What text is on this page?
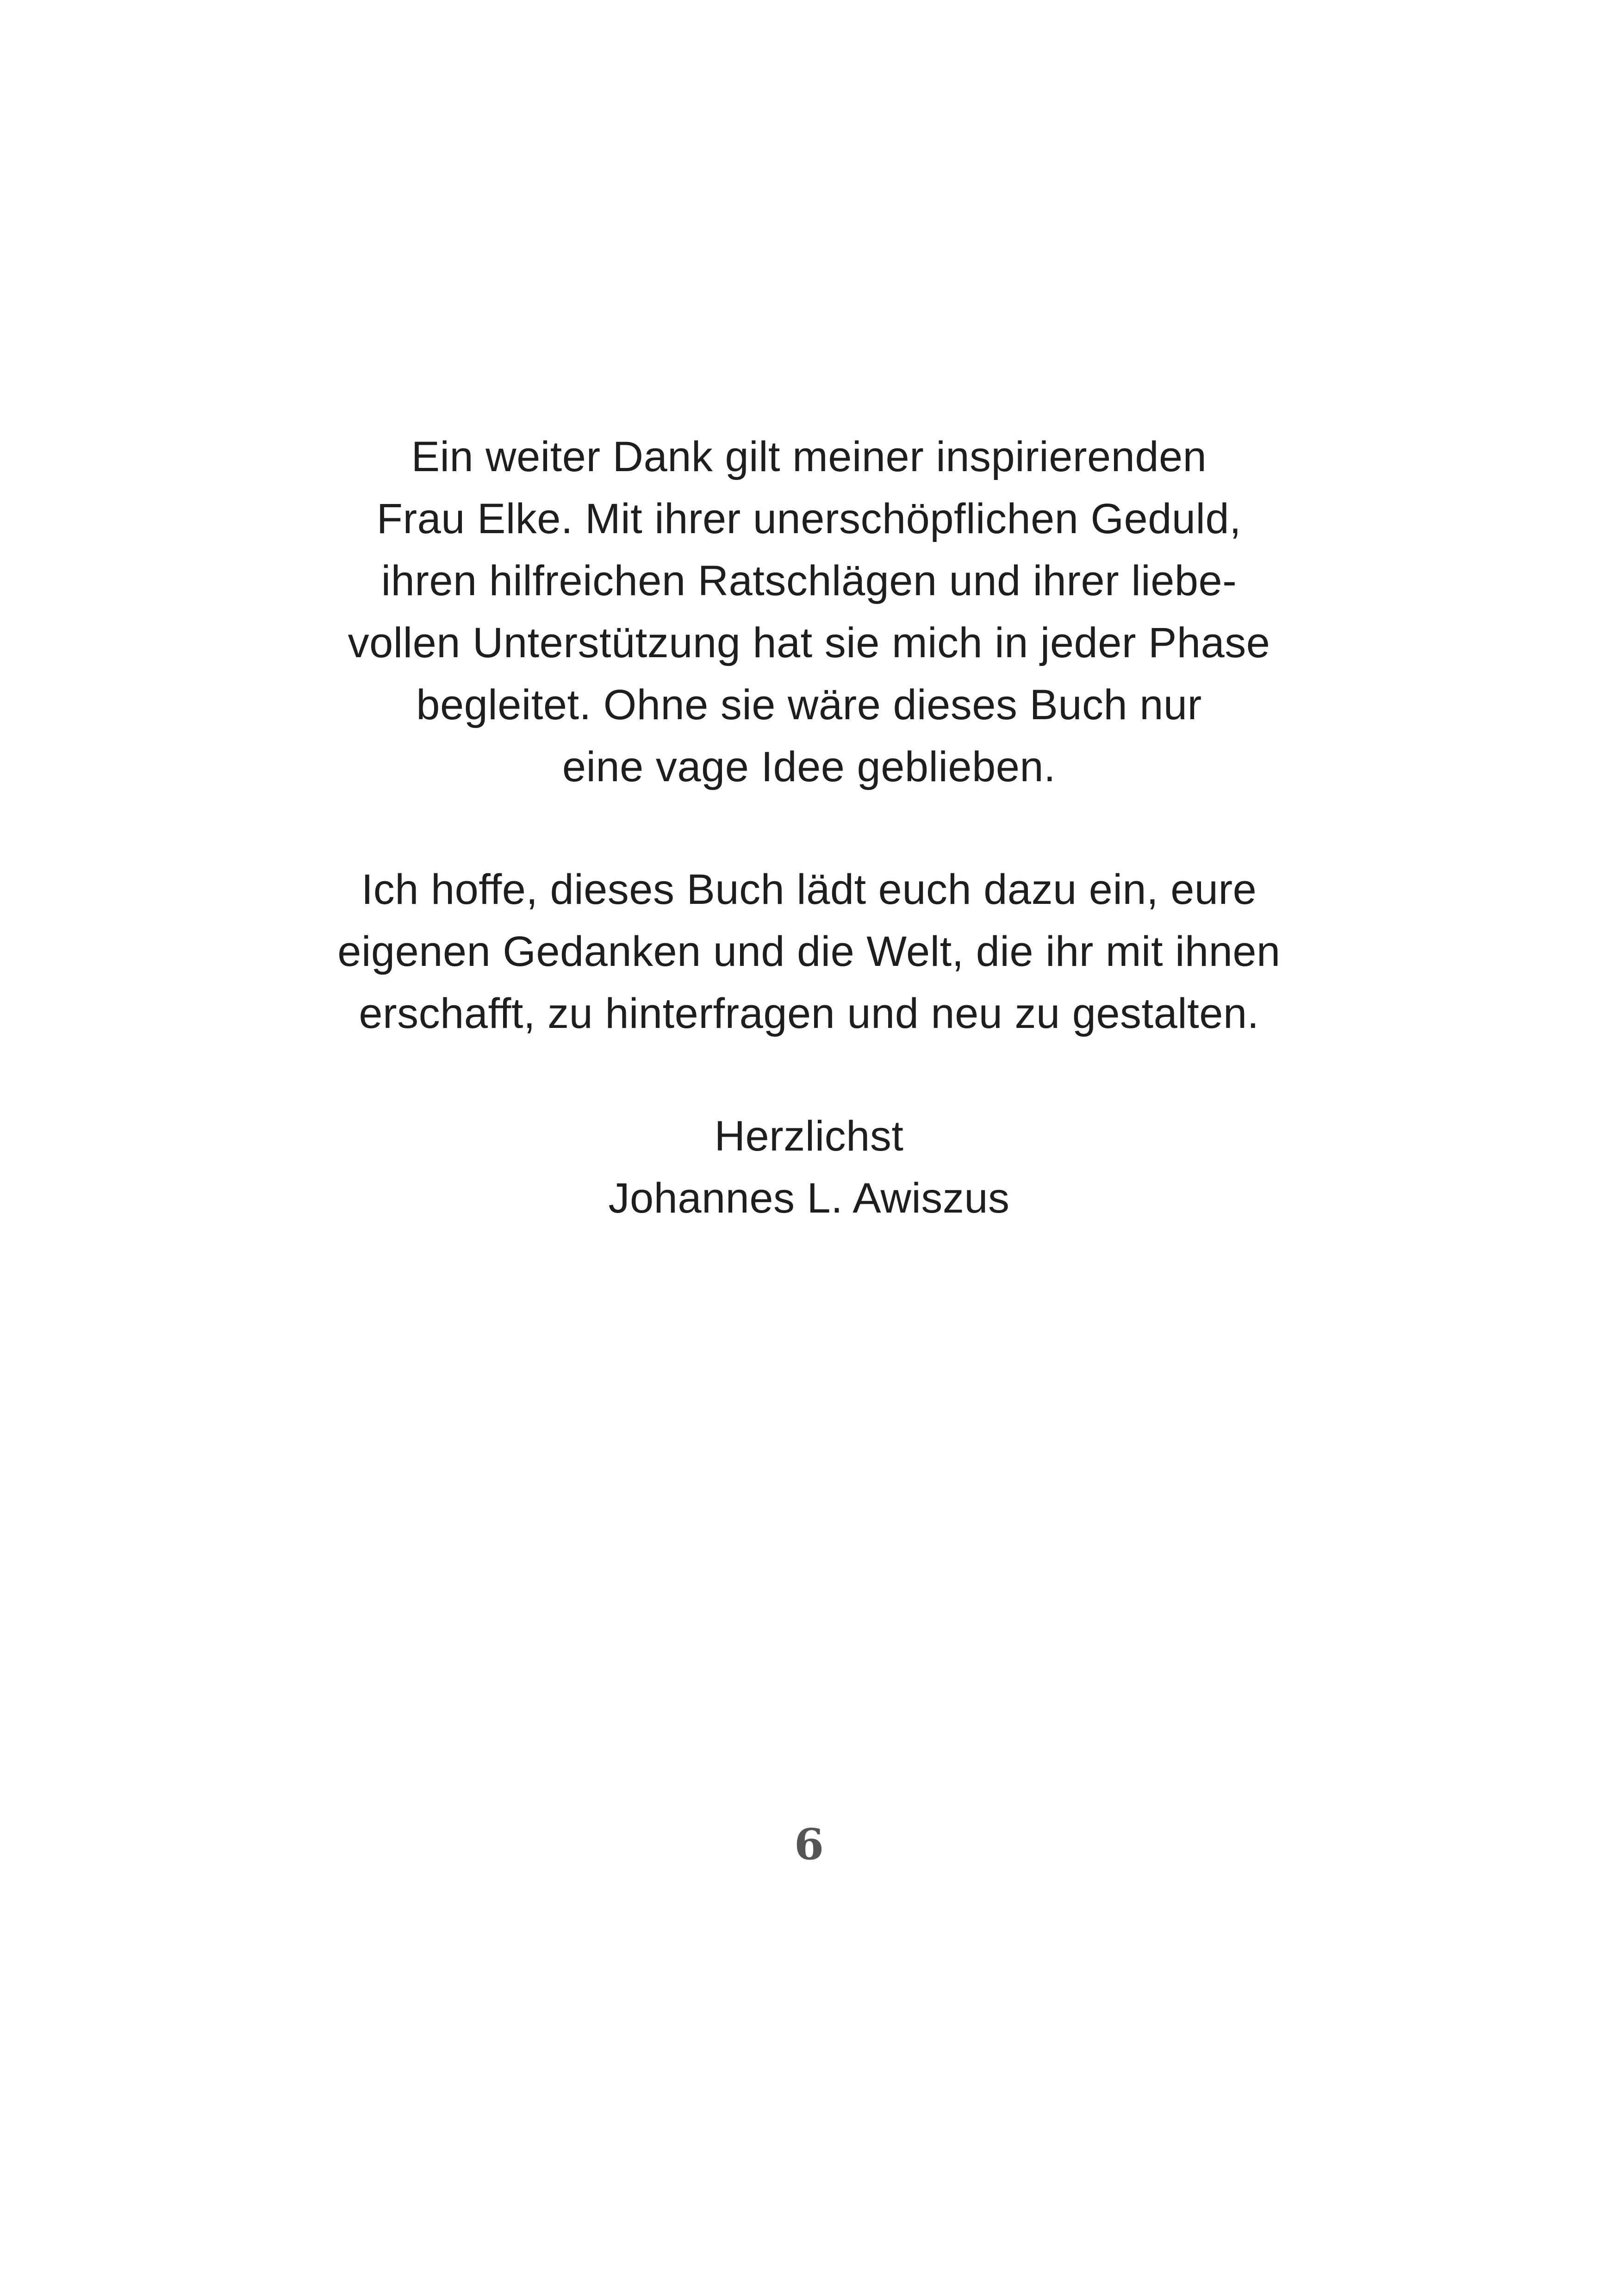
Ein weiter Dank gilt meiner inspirierenden
Frau Elke. Mit ihrer unerschöpflichen Geduld,
ihren hilfreichen Ratschlägen und ihrer liebe-
vollen Unterstützung hat sie mich in jeder Phase
begleitet. Ohne sie wäre dieses Buch nur
eine vage Idee geblieben.
Ich hoffe, dieses Buch lädt euch dazu ein, eure
eigenen Gedanken und die Welt, die ihr mit ihnen
erschafft, zu hinterfragen und neu zu gestalten.
Herzlichst
Johannes L. Awiszus
6
